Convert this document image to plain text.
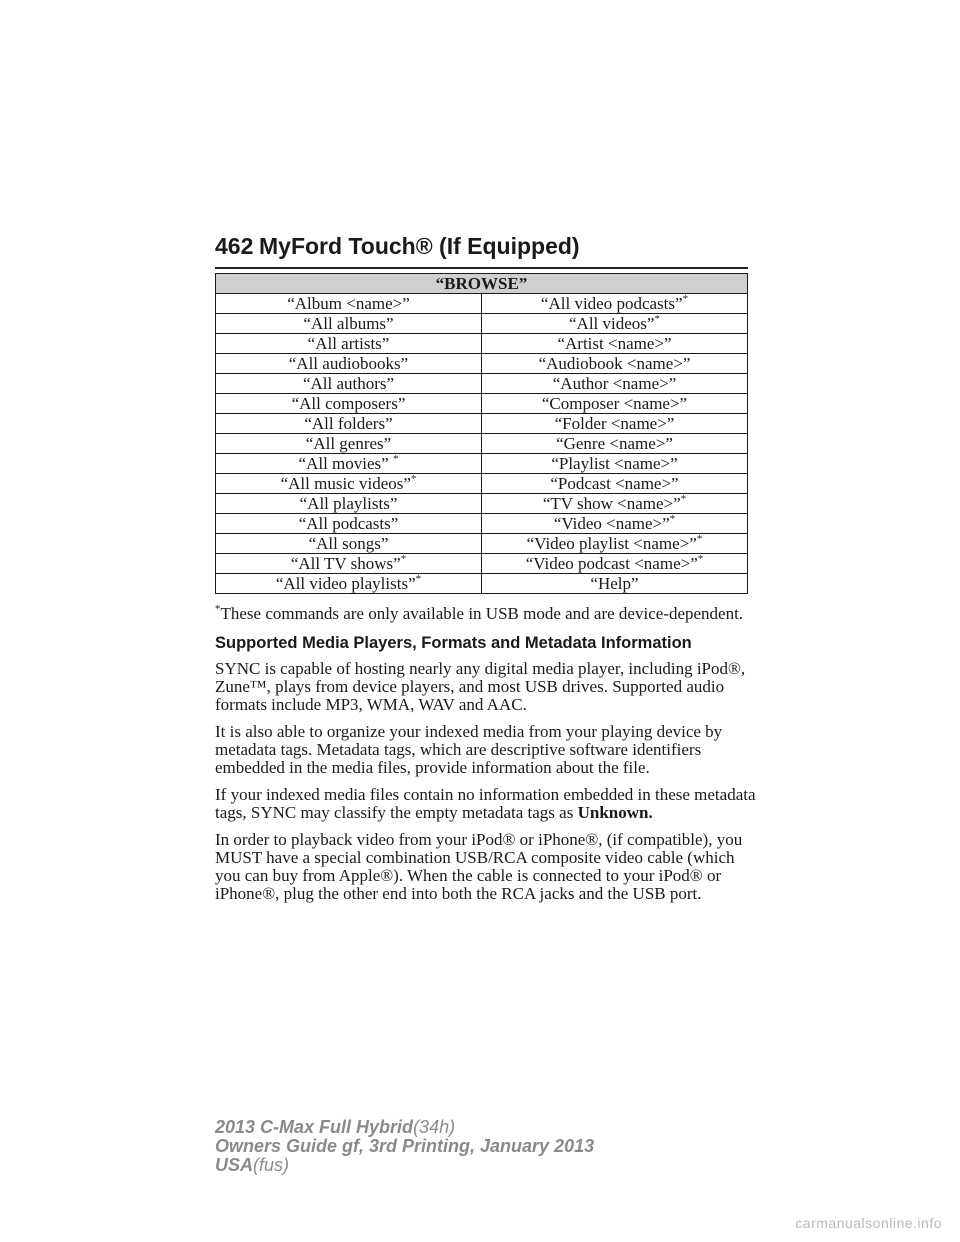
462 MyFord Touch® (If Equipped)
“BROWSE”	
“Album <name>”	“All video podcasts”*
“All albums”	“All videos”*
“All artists”	“Artist <name>”
“All audiobooks”	“Audiobook <name>”
“All authors”	“Author <name>”
“All composers”	“Composer <name>”
“All folders”	“Folder <name>”
“All genres”	“Genre <name>”
“All movies” *	“Playlist <name>”
“All music videos”*	“Podcast <name>”
“All playlists”	“TV show <name>”*
“All podcasts”	“Video <name>”*
“All songs”	“Video playlist <name>”*
“All TV shows”*	“Video podcast <name>”*
“All video playlists”*	“Help”

*These commands are only available in USB mode and are device-dependent.

Supported Media Players, Formats and Metadata Information

SYNC is capable of hosting nearly any digital media player, including iPod®, Zune™, plays from device players, and most USB drives. Supported audio formats include MP3, WMA, WAV and AAC.

It is also able to organize your indexed media from your playing device by metadata tags. Metadata tags, which are descriptive software identifiers embedded in the media files, provide information about the file.

If your indexed media files contain no information embedded in these metadata tags, SYNC may classify the empty metadata tags as Unknown.

In order to playback video from your iPod® or iPhone®, (if compatible), you MUST have a special combination USB/RCA composite video cable (which you can buy from Apple®). When the cable is connected to your iPod® or iPhone®, plug the other end into both the RCA jacks and the USB port.

2013 C-Max Full Hybrid(34h)
Owners Guide gf, 3rd Printing, January 2013
USA(fus)
carmanualsonline.info
